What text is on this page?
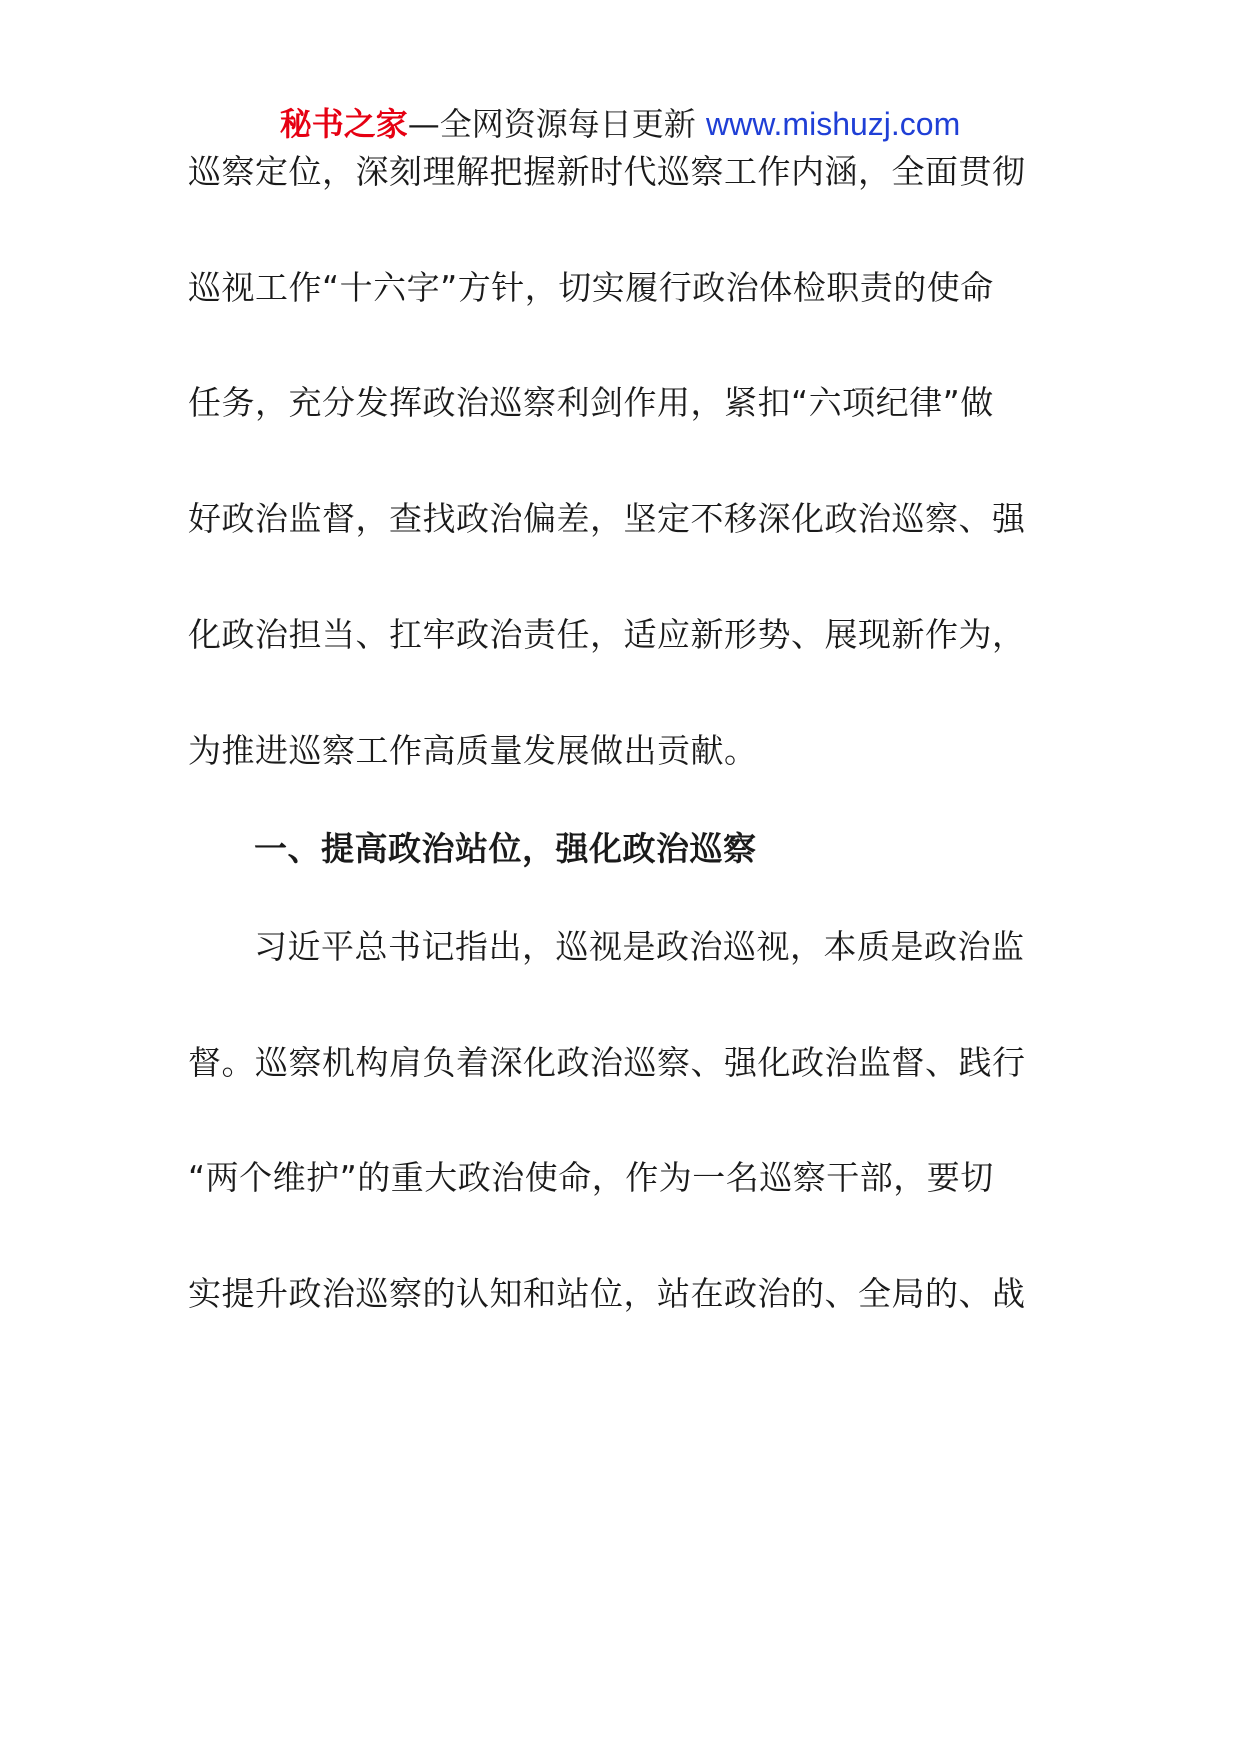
秘书之家—全网资源每日更新 www.mishuzj.com
巡察定位，深刻理解把握新时代巡察工作内涵，全面贯彻
巡视工作“十六字”方针，切实履行政治体检职责的使命
任务，充分发挥政治巡察利剑作用，紧扣“六项纪律”做
好政治监督，查找政治偏差，坚定不移深化政治巡察、强
化政治担当、扛牢政治责任，适应新形势、展现新作为，
为推进巡察工作高质量发展做出贡献。
一、提高政治站位，强化政治巡察
习近平总书记指出，巡视是政治巡视，本质是政治监
督。巡察机构肩负着深化政治巡察、强化政治监督、践行
“两个维护”的重大政治使命，作为一名巡察干部，要切
实提升政治巡察的认知和站位，站在政治的、全局的、战
